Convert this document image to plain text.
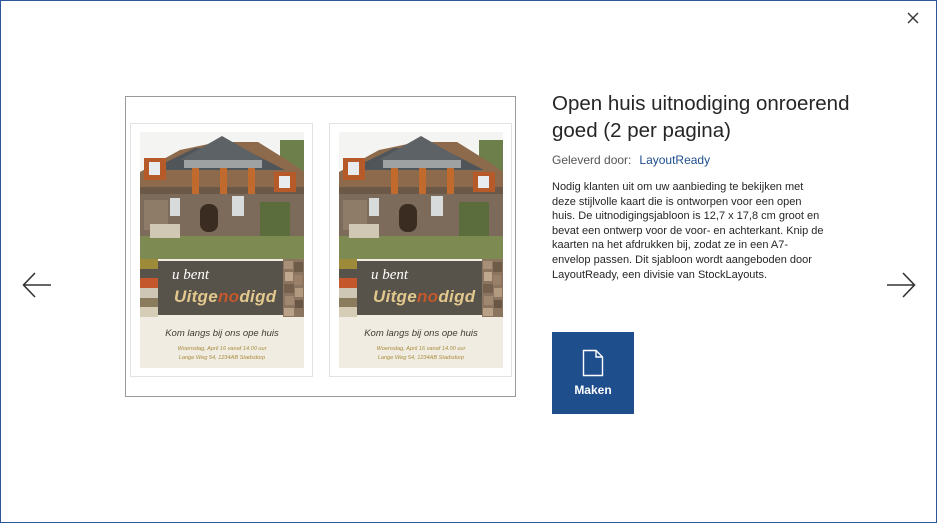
u bent
Uitgenodigd
Kom langs bij ons ope huis
Woensdag, April 16 vanaf 14.00 uur
Lange Weg 54, 1234AB Stadsdorp
u bent
Uitgenodigd
Kom langs bij ons ope huis
Woensdag, April 16 vanaf 14.00 uur
Lange Weg 54, 1234AB Stadsdorp
Open huis uitnodiging onroerend goed (2 per pagina)
Geleverd door: LayoutReady

Nodig klanten uit om uw aanbieding te bekijken met deze stijlvolle kaart die is ontworpen voor een open huis. De uitnodigingsjabloon is 12,7 x 17,8 cm groot en bevat een ontwerp voor de voor- en achterkant. Knip de kaarten na het afdrukken bij, zodat ze in een A7-envelop passen. Dit sjabloon wordt aangeboden door LayoutReady, een divisie van StockLayouts.

Maken
